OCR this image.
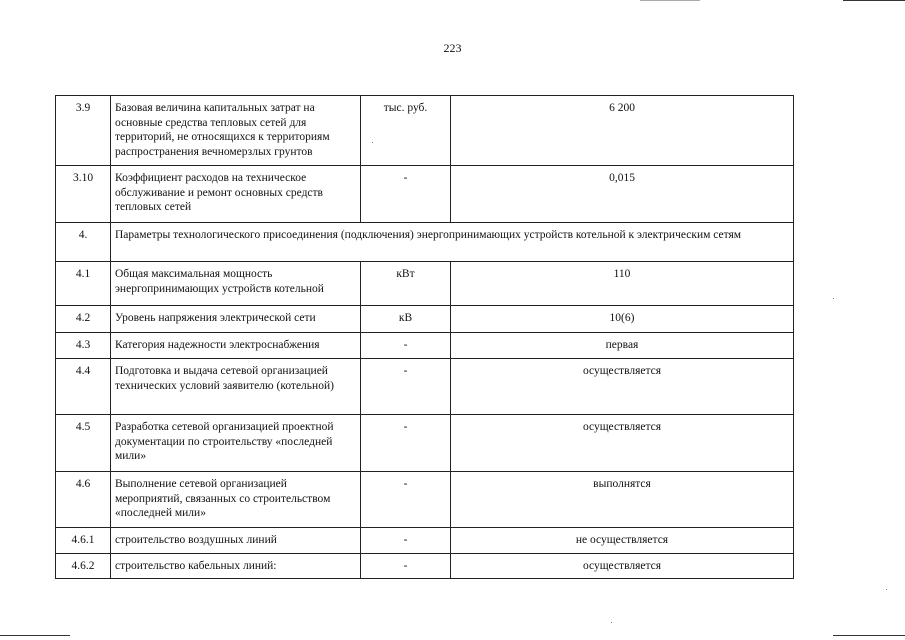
223
3.9	Базовая величина капитальных затрат на основные средства тепловых сетей для территорий, не относящихся к территориям распространения вечномерзлых грунтов	тыс. руб.	6 200
3.10	Коэффициент расходов на техническое обслуживание и ремонт основных средств тепловых сетей	-	0,015
4.	Параметры технологического присоединения (подключения) энергопринимающих устройств котельной к электрическим сетям		
4.1	Общая максимальная мощность энергопринимающих устройств котельной	кВт	110
4.2	Уровень напряжения электрической сети	кВ	10(6)
4.3	Категория надежности электроснабжения	-	первая
4.4	Подготовка и выдача сетевой организацией технических условий заявителю (котельной)	-	осуществляется
4.5	Разработка сетевой организацией проектной документации по строительству «последней мили»	-	осуществляется
4.6	Выполнение сетевой организацией мероприятий, связанных со строительством «последней мили»	-	выполнятся
4.6.1	строительство воздушных линий	-	не осуществляется
4.6.2	строительство кабельных линий:	-	осуществляется
